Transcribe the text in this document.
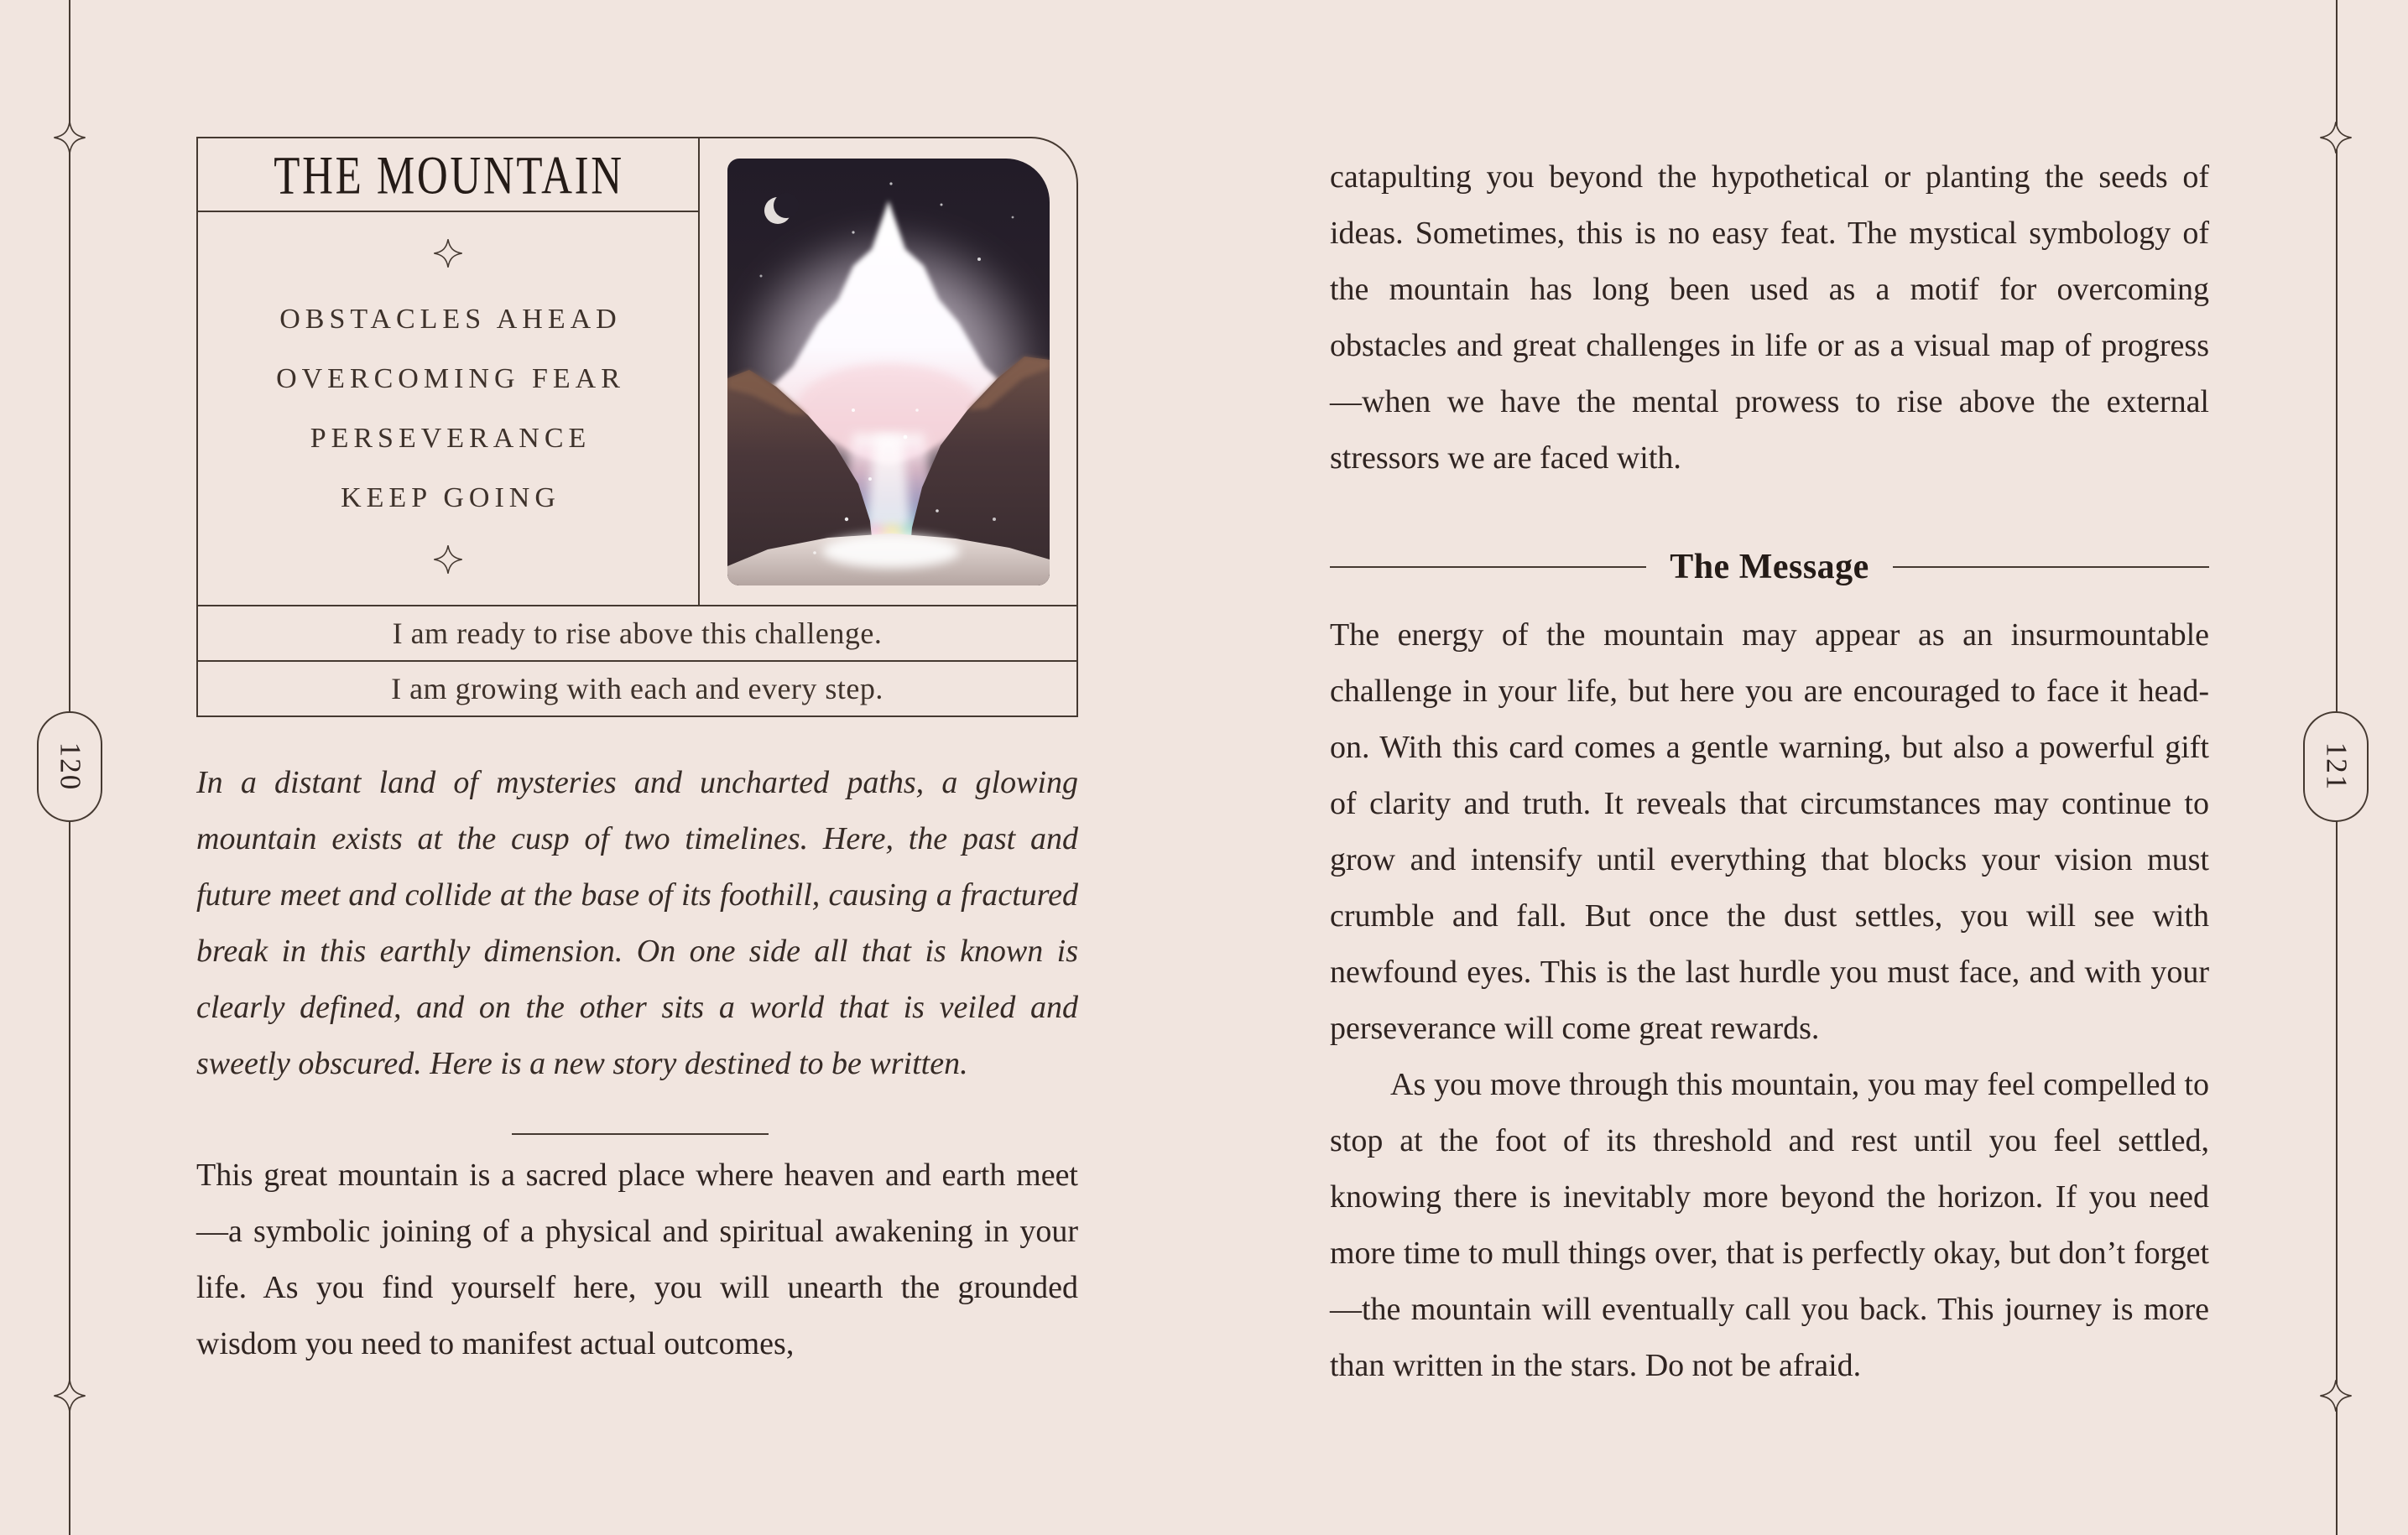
120	121
THE MOUNTAIN
OBSTACLES AHEAD
OVERCOMING FEAR
PERSEVERANCE
KEEP GOING
I am ready to rise above this challenge.
I am growing with each and every step.

In a distant land of mysteries and uncharted paths, a glowing mountain exists at the cusp of two timelines. Here, the past and future meet and collide at the base of its foothill, causing a fractured break in this earthly dimension. On one side all that is known is clearly defined, and on the other sits a world that is veiled and sweetly obscured. Here is a new story destined to be written.

This great mountain is a sacred place where heaven and earth meet—a symbolic joining of a physical and spiritual awakening in your life. As you find yourself here, you will unearth the grounded wisdom you need to manifest actual outcomes,

catapulting you beyond the hypothetical or planting the seeds of ideas. Sometimes, this is no easy feat. The mystical symbology of the mountain has long been used as a motif for overcoming obstacles and great challenges in life or as a visual map of progress—when we have the mental prowess to rise above the external stressors we are faced with.

The Message

The energy of the mountain may appear as an insurmountable challenge in your life, but here you are encouraged to face it head-on. With this card comes a gentle warning, but also a powerful gift of clarity and truth. It reveals that circumstances may continue to grow and intensify until everything that blocks your vision must crumble and fall. But once the dust settles, you will see with newfound eyes. This is the last hurdle you must face, and with your perseverance will come great rewards.

As you move through this mountain, you may feel compelled to stop at the foot of its threshold and rest until you feel settled, knowing there is inevitably more beyond the horizon. If you need more time to mull things over, that is perfectly okay, but don’t forget—the mountain will eventually call you back. This journey is more than written in the stars. Do not be afraid.
